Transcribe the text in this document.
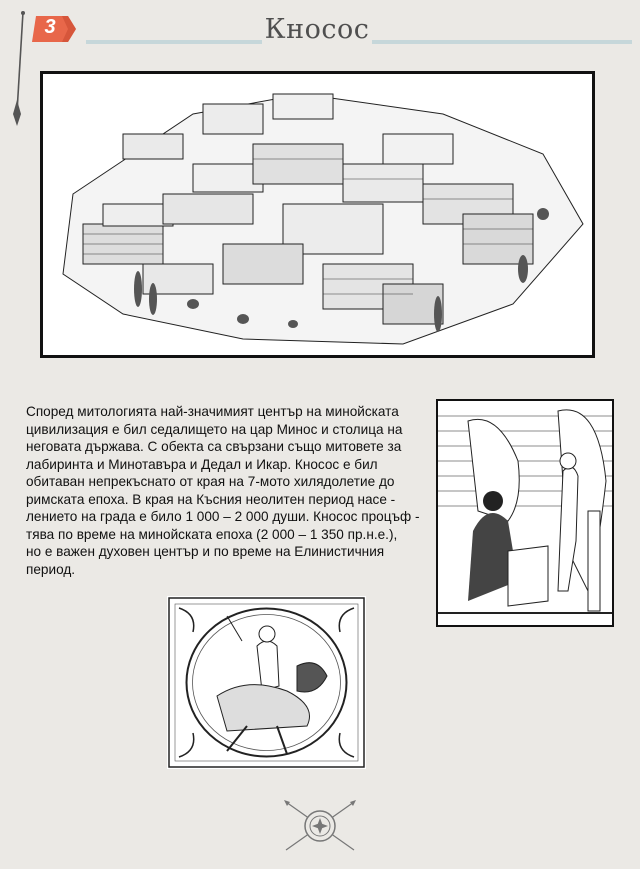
3	Кносос

Според митологията най-значимият център на минойската
цивилизация е бил седалището на цар Минос и столица на
неговата държава. С обекта са свързани също митовете за
лабиринта и Минотавъра и Дедал и Икар. Кносос е бил
обитаван непрекъснато от края на 7-мото хилядолетие до
римската епоха. В края на Късния неолитен период насе -
лението на града е било 1 000 – 2 000 души. Кносос процъф -
тява по време на минойската епоха (2 000 – 1 350 пр.н.е.),
но е важен духовен център и по време на Елинистичния
период.
